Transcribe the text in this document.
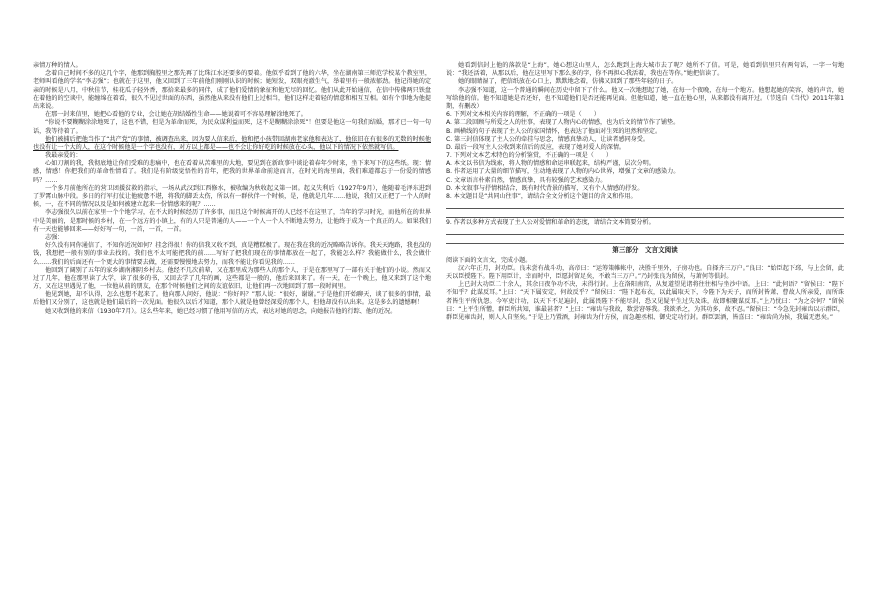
亲情万种的情人。

念着自己时间不多的这几个字，他那到胸腔里之那先再了比珠江水还要多的要着。他似乎看到了他的六华，坐在湖南第三师范学校某个教室里，老师叫看他的学名“李志强”；也就在于这里，他又回到了三年前他们刚刚认识的时候；她短发，双眼亮澈生气，举着里有一般浓郁劲。他记得她的定亲的时候是八月，中秋佳节，桂花瓜子轻外香，那拾来最多的同伴，成了他们爱情的象征和他无尽的回忆。他们从此开始通信，在信中传佛两只铁盘在着他的的空谈中，能缠绵在着看，很久不见过世面的东西，虽然他从来没有他们上过相当，他们这样走着轻的情意和相互互相。如有个事地为他提出来说。

在那一封来信里，她把心看他的专业，会让她在胡结婚性生命——她说着可不容易理解涂地死了。

“你说不要糊糊涂涂地死了，这也不错，但是为革命而死，为民众谋利益而死，这不是糊糊涂涂死”！但要是他这一句我们结婚，那才已一句一句话，我等待着了。

他们被捕后把他当作了“共产党”的事情，被调查出来，因为要人信来后，他和把小孩带回湖南老家他和表达了，他依旧在有很多的无数的时候他也没有让一个大的人，在这个时候他是一个字也没有，对方以上都是——也不会让你好吃的时候放在心头，他以下的情况下依然就写信。

我最亲爱的：

心如刀割的我，我彻底地让你们受难的悲痛中，也在看着从苦难里的大地，要见到在新政事中谈论着春年少时来，坐下来写下的这些纸。现：情感，情感！你把我们的革命性情看了。我们是有阶级觉悟性的青年，把我的世界革命前途而言，在时光的海里面，我们难道都忘于一份爱的情感吗？……

一个多月前他所在的营卫团援贫救的指示，一场从武汉到江西修水，被收编为秋收起义第一团。起义失利后（1927年9月），他随着毛泽东进到了罗霄山脉中段。多日的行军打仗让他疲惫不堪，将我的脚丢太伤，所以有一群伙伴一个时候，是，他就是几年……他说，我们又正把了一个人的时候，一，在不同的情况以及是如何被建立起来一份情感来的呢？……

李志强很久以前在家里一个个地学习，在不大的时候经历了许多事，而且这个时候离开的人已经不在这里了，当年的学习时光，而他所在的世界中是美丽的，是那时候的乡村，在一个远方的小镇上，有的人只是普通的人——一个人一个人不断地去努力，让他终于成为一个真正的人。如果我们有一天也能够回来——好好写一句，一首，一首，一首。

志强：

好久没有同你通信了，不知你近况如何？挂念得很！你的信我又收不到，真是糟糕极了。现在我在我的近况略略告诉你。我天天跑路，我也没的钱，我想把一般有别的事业去找的。我们也不太可能把我的前……写好了把我们现在的事情都放在一起了，我能怎么样？我能做什么，我会做什么……我们的后面还有一个更大的事情要去做，还需要慢慢地去努力，而我不能让你看见我的……

他回到了阔别了五年的家乡湖南湘阴乡村去。他经不几次前辈，又在那里成为那些人的那个人，于是在那里写了一部有关于他们的小说。然而又过了几年，他在那里读了大学，读了很多的书，又回去学了几年的画，这些都是一般的，他后来回来了。有一天，在一个晚上，他又来到了这个地方，又在这里遇见了他，一位他从前的朋友，在那个时候他们之间的友谊依旧，让他们再一次地回到了那一段时间里。

他见到她，却不认得，怎么也想不起来了。他向那人问好，他说：“你好吗？”那人说：“很好，谢谢。”于是他们开始聊天，谈了很多的事情，最后他们又分别了，这也就是他们最后的一次见面。他很久以后才知道，那个人就是他曾经深爱的那个人，但他却没有认出来。这是多么的遗憾啊！

她又收到他的来信（1930年7月）。这么些年来，她已经习惯了他用写信的方式，表达对她的思念，向她报告他的行踪、他的近况。

她看到信封上他的落款是“上海”，她心想这山里人，怎么跑到上海大城市去了呢？她所不了信。可是，她看到信里只有两句话，一字一句地说：“我还活着，从那以后，他在这里写下那么多的字，你不再担心我活着，我也在等你。”她把信读了。

她的眼睛湿了，把信纸放在心口上，默默地念着，仿佛又回到了那些年轻的日子。

李志强不知道，这一个普通的瞬间在历史中留下了什么。他又一次地想起了她，在每一个夜晚，在每一个地方。他想起她的笑容，她的声音，她写给他的信。他不知道她是否还好，也不知道他们是否还能再见面。但他知道，她一直在他心里，从来都没有离开过。（节选自《当代》2011年第1期，有删改）

6. 下列对文本相关内容的理解，不正确的一项是（　　）

A. 第二段回顾与所爱之人的往事，表现了人物内心的情感，也为后文的情节作了铺垫。

B. 画横线的句子表现了主人公的家国情怀，也表达了他面对生死的坦然和坚定。

C. 第三封信体现了主人公的牵挂与思念，情感真挚动人，让读者感同身受。

D. 最后一段写主人公收到来信后的反应，表现了她对爱人的深情。

7. 下列对文本艺术特色的分析鉴赏，不正确的一项是（　　）

A. 本文以书信为线索，将人物的情感和命运串联起来，结构严谨，层次分明。

B. 作者运用了大量的细节描写，生动地表现了人物的内心世界，增强了文章的感染力。

C. 文章语言朴素自然，情感真挚，具有较强的艺术感染力。

D. 本文叙事与抒情相结合，既有时代背景的描写，又有个人情感的抒发。

8. 本文题目是“共同山往事”，请结合全文分析这个题目的含义和作用。

9. 作者以多种方式表现了主人公对爱情和革命的态度，请结合文本简要分析。

第三部分　文言文阅读

阅读下面的文言文，完成小题。

汉六年正月，封功臣。良未尝有战斗功，高帝曰：“运筹策帷帐中，决胜千里外，子房功也。自择齐三万户。”良曰：“始臣起下邳，与上会留，此天以臣授陛下。陛下用臣计，幸而时中，臣愿封留足矣，不敢当三万户。”乃封张良为留侯，与萧何等俱封。

上已封大功臣二十余人，其余日夜争功不决，未得行封。上在洛阳南宫，从复道望见诸将往往相与坐沙中语。上曰：“此何语？”留侯曰：“陛下不知乎？此谋反耳。”上曰：“天下属安定，何故反乎？”留侯曰：“陛下起布衣，以此属取天下，今陛下为天子，而所封皆萧、曹故人所亲爱，而所诛者皆生平所仇怨。今军吏计功，以天下不足遍封，此属畏陛下不能尽封，恐又见疑平生过失及诛，故即相聚谋反耳。”上乃忧曰：“为之奈何？”留侯曰：“上平生所憎，群臣所共知，谁最甚者？”上曰：“雍齿与我故，数尝窘辱我。我欲杀之，为其功多，故不忍。”留侯曰：“今急先封雍齿以示群臣，群臣见雍齿封，则人人自坚矣。”于是上乃置酒，封雍齿为什方侯，而急趣丞相、御史定功行封。群臣罢酒，皆喜曰：“雍齿尚为侯，我属无患矣。”
